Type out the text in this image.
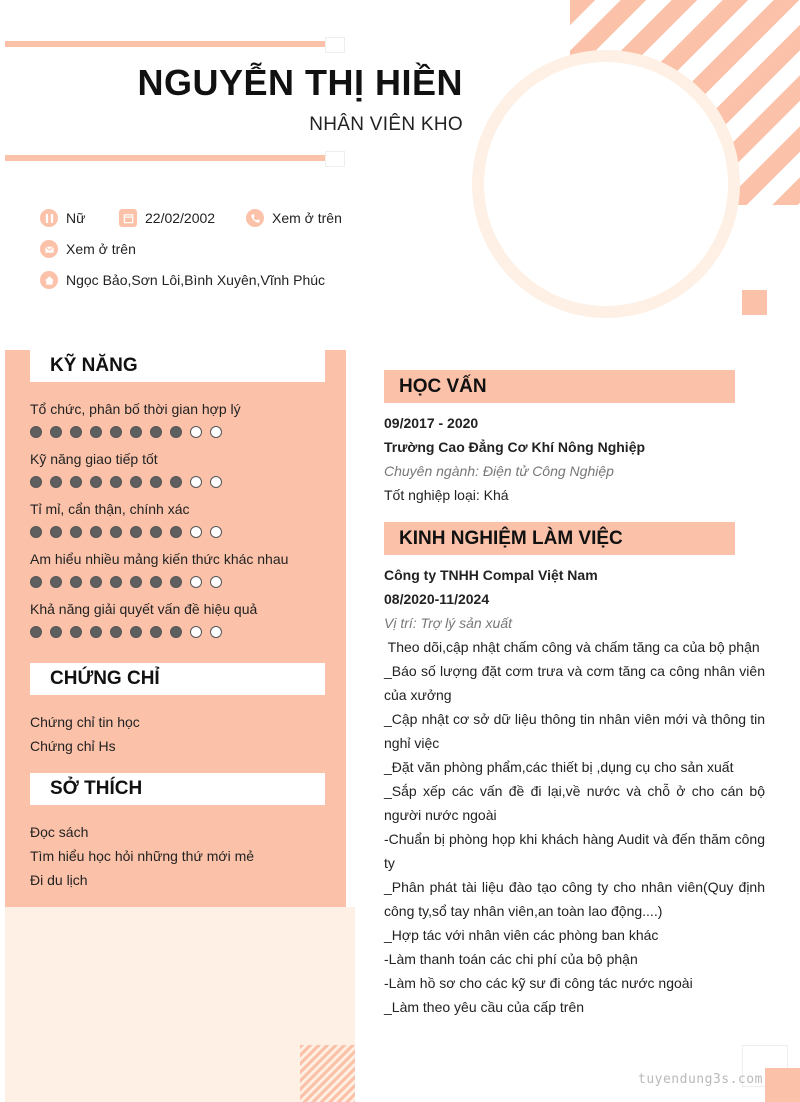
NGUYỄN THỊ HIỀN
NHÂN VIÊN KHO
Nữ	22/02/2002	Xem ở trên
Xem ở trên
Ngọc Bảo,Sơn Lôi,Bình Xuyên,Vĩnh Phúc
KỸ NĂNG
Tổ chức, phân bố thời gian hợp lý
Kỹ năng giao tiếp tốt
Tỉ mỉ, cẩn thận, chính xác
Am hiểu nhiều mảng kiến thức khác nhau
Khả năng giải quyết vấn đề hiệu quả
CHỨNG CHỈ
Chứng chỉ tin học
Chứng chỉ Hs
SỞ THÍCH
Đọc sách
Tìm hiểu học hỏi những thứ mới mẻ
Đi du lịch
HỌC VẤN
09/2017 - 2020
Trường Cao Đẳng Cơ Khí Nông Nghiệp
Chuyên ngành: Điện tử Công Nghiệp
Tốt nghiệp loại: Khá
KINH NGHIỆM LÀM VIỆC
Công ty TNHH Compal Việt Nam
08/2020-11/2024
Vị trí: Trợ lý sản xuất
Theo dõi,cập nhật chấm công và chấm tăng ca của bộ phận
_Báo số lượng đặt cơm trưa và cơm tăng ca công nhân viên của xưởng
_Cập nhật cơ sở dữ liệu thông tin nhân viên mới và thông tin nghỉ việc
_Đặt văn phòng phẩm,các thiết bị ,dụng cụ cho sản xuất
_Sắp xếp các vấn đề đi lại,về nước và chỗ ở cho cán bộ người nước ngoài
-Chuẩn bị phòng họp khi khách hàng Audit và đến thăm công ty
_Phân phát tài liệu đào tạo công ty cho nhân viên(Quy định công ty,sổ tay nhân viên,an toàn lao động....)
_Hợp tác với nhân viên các phòng ban khác
-Làm thanh toán các chi phí của bộ phận
-Làm hồ sơ cho các kỹ sư đi công tác nước ngoài
_Làm theo yêu cầu của cấp trên
tuyendung3s.com
